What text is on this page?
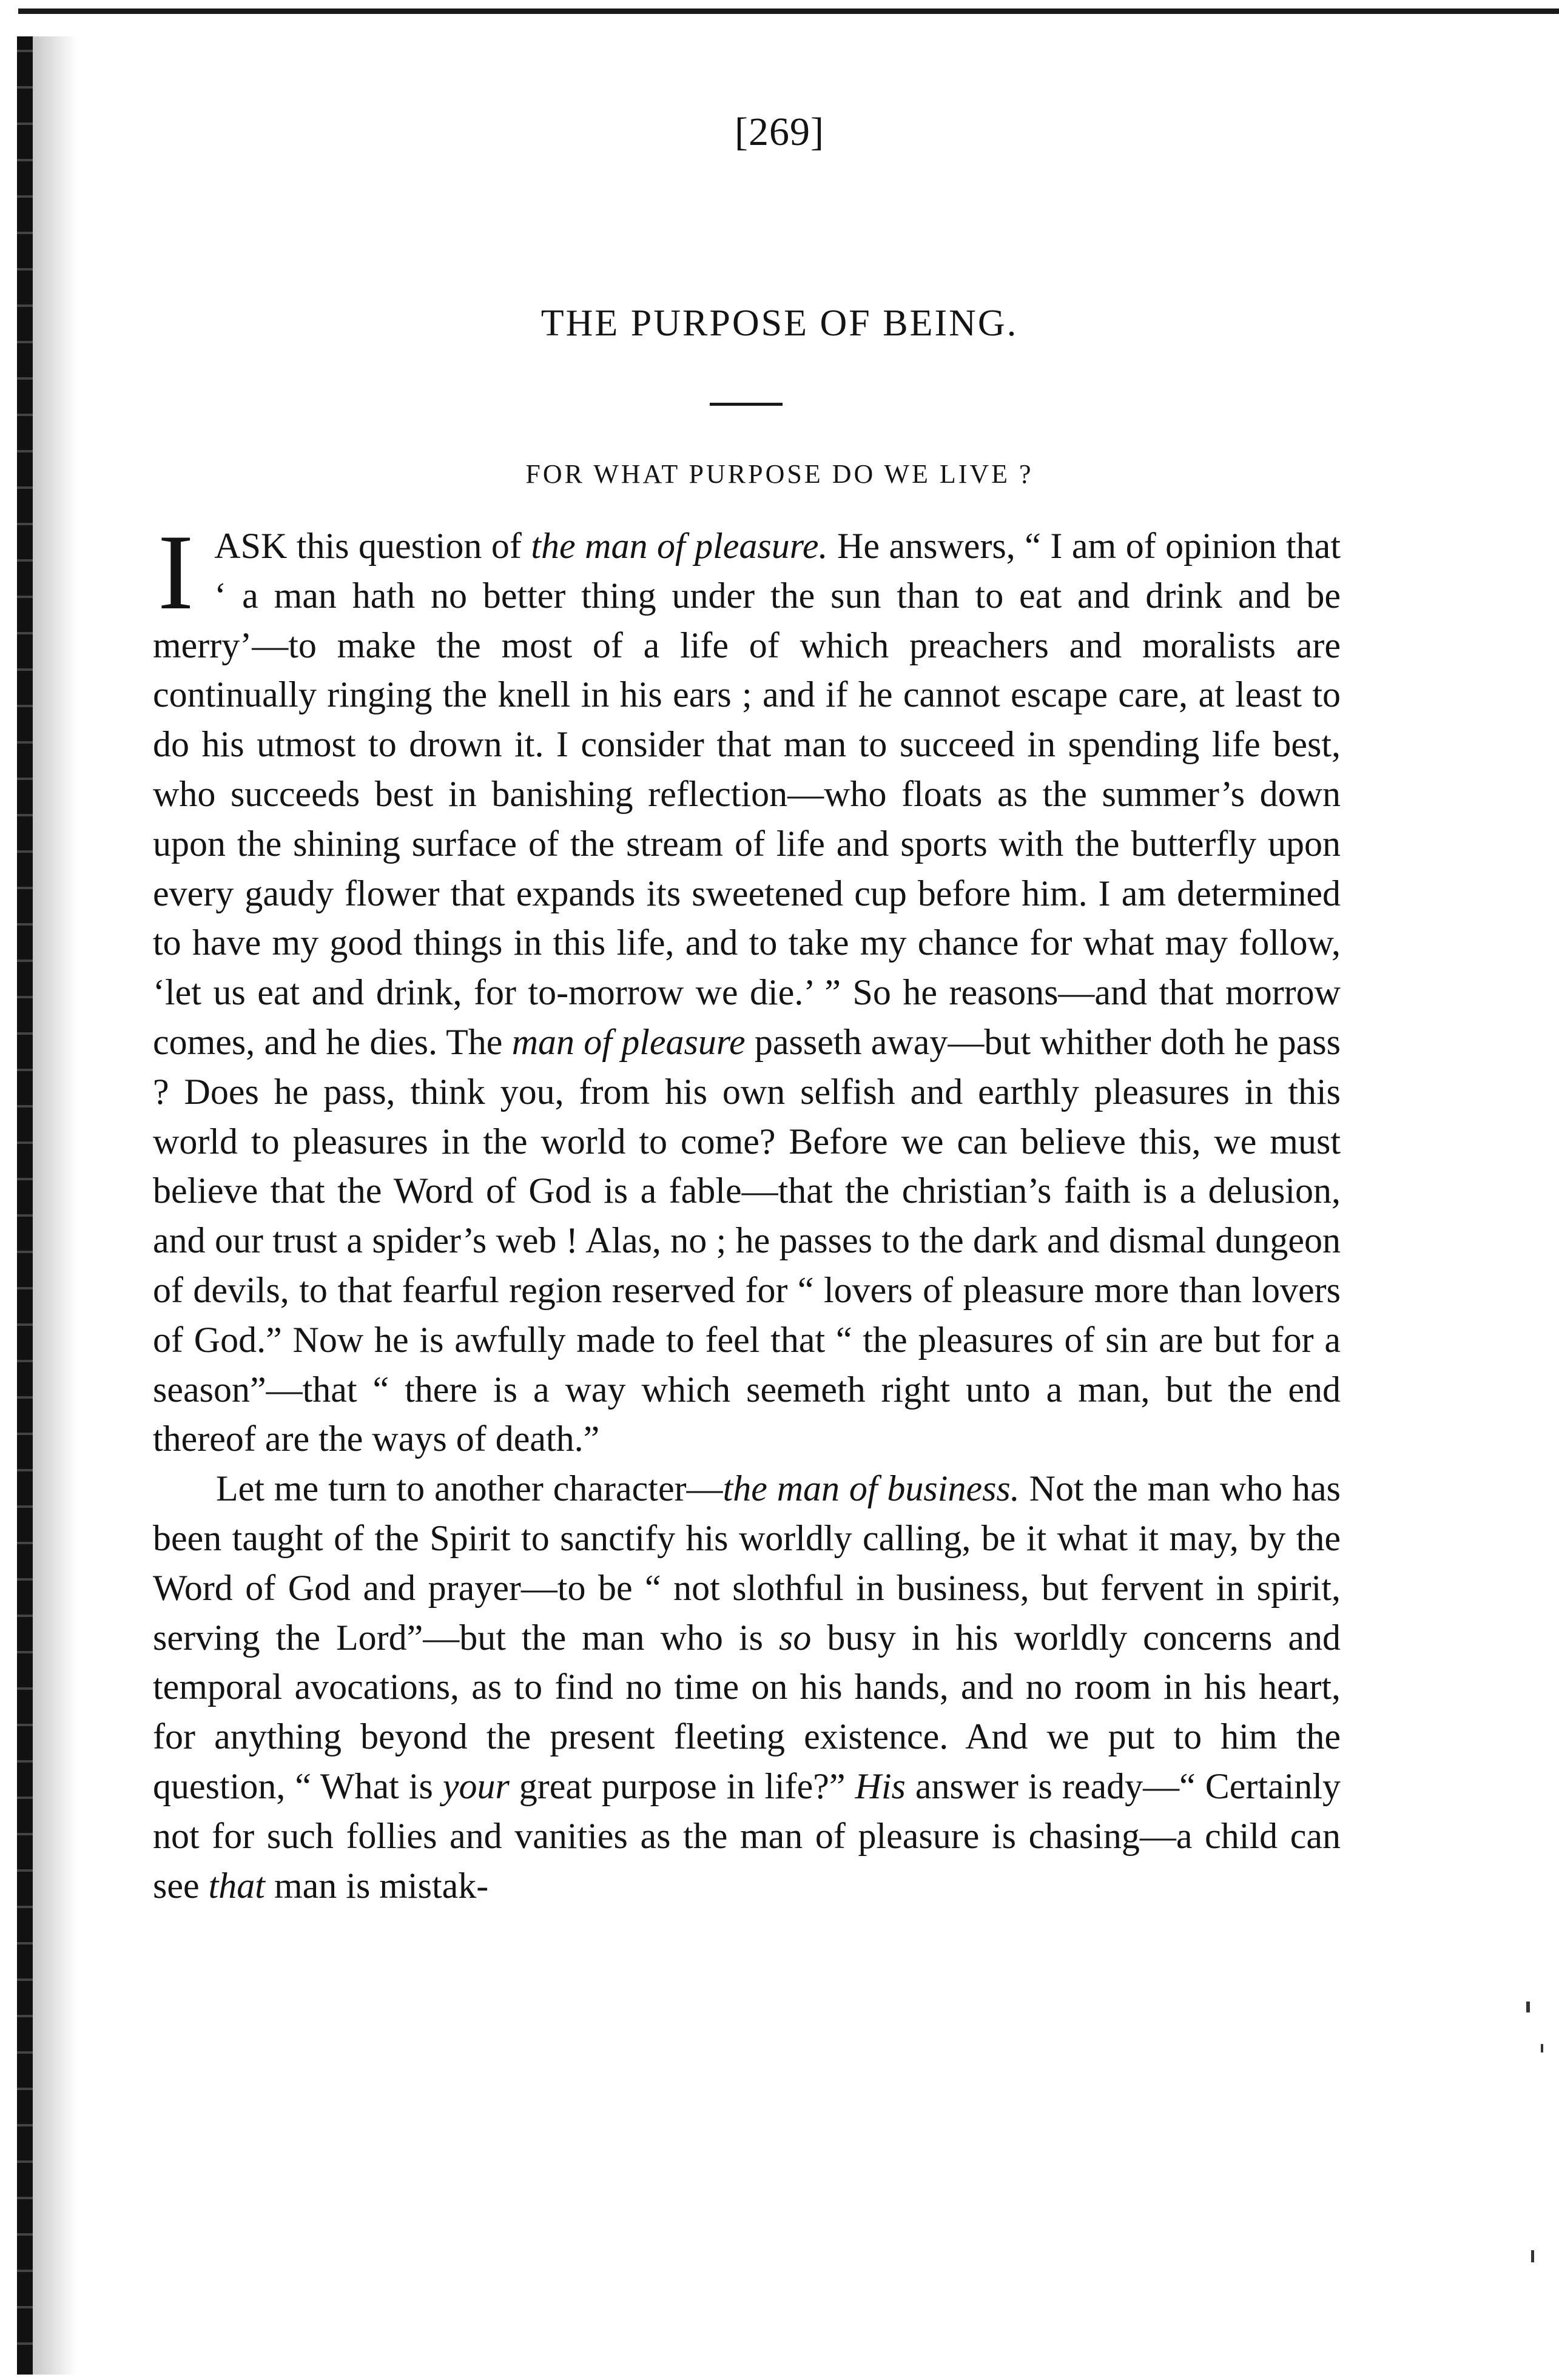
[269]
THE PURPOSE OF BEING.
FOR WHAT PURPOSE DO WE LIVE ?

IASK this question of the man of pleasure. He answers, “ I am of opinion that ‘ a man hath no better thing under the sun than to eat and drink and be merry’—to make the most of a life of which preachers and moralists are continually ringing the knell in his ears ; and if he cannot escape care, at least to do his utmost to drown it. I consider that man to succeed in spending life best, who succeeds best in banishing reflection—who floats as the summer’s down upon the shining surface of the stream of life and sports with the butterfly upon every gaudy flower that expands its sweetened cup before him. I am determined to have my good things in this life, and to take my chance for what may follow, ‘let us eat and drink, for to-morrow we die.’ ” So he reasons—and that morrow comes, and he dies. The man of pleasure passeth away—but whither doth he pass ? Does he pass, think you, from his own selfish and earthly pleasures in this world to pleasures in the world to come? Before we can believe this, we must believe that the Word of God is a fable—that the christian’s faith is a delusion, and our trust a spider’s web ! Alas, no ; he passes to the dark and dismal dungeon of devils, to that fearful region reserved for “ lovers of pleasure more than lovers of God.” Now he is awfully made to feel that “ the pleasures of sin are but for a season”—that “ there is a way which seemeth right unto a man, but the end thereof are the ways of death.”

Let me turn to another character—the man of business. Not the man who has been taught of the Spirit to sanctify his worldly calling, be it what it may, by the Word of God and prayer—to be “ not slothful in business, but fervent in spirit, serving the Lord”—but the man who is so busy in his worldly concerns and temporal avocations, as to find no time on his hands, and no room in his heart, for anything beyond the present fleeting existence. And we put to him the question, “ What is your great purpose in life?” His answer is ready—“ Certainly not for such follies and vanities as the man of pleasure is chasing—a child can see that man is mistak-
